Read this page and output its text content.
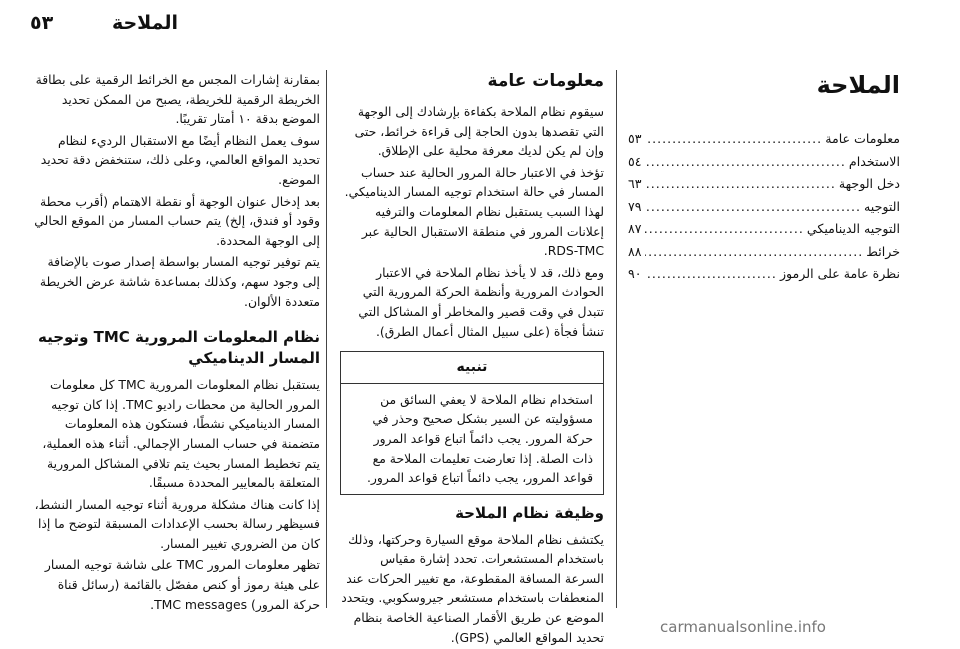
٥٣	الملاحة
الملاحة
معلومات عامة
.....
٥٣
الاستخدام
.....
٥٤
دخل الوجهة
.....
٦٣
التوجيه
.....
٧٩
التوجيه الديناميكي
.....
٨٧
خرائط
.....
٨٨
نظرة عامة على الرموز
.....
٩٠
معلومات عامة

سيقوم نظام الملاحة بكفاءة بإرشادك إلى الوجهة التي تقصدها بدون الحاجة إلى قراءة خرائط، حتى وإن لم يكن لديك معرفة محلية على الإطلاق.

تؤخذ في الاعتبار حالة المرور الحالية عند حساب المسار في حالة استخدام توجيه المسار الديناميكي. لهذا السبب يستقبل نظام المعلومات والترفيه إعلانات المرور في منطقة الاستقبال الحالية عبر RDS-TMC.

ومع ذلك، قد لا يأخذ نظام الملاحة في الاعتبار الحوادث المرورية وأنظمة الحركة المرورية التي تتبدل في وقت قصير والمخاطر أو المشاكل التي تنشأ فجأة (على سبيل المثال أعمال الطرق).

تنبيه
استخدام نظام الملاحة لا يعفي السائق من مسؤوليته عن السير بشكل صحيح وحذر في حركة المرور. يجب دائماً اتباع قواعد المرور ذات الصلة. إذا تعارضت تعليمات الملاحة مع قواعد المرور، يجب دائماً اتباع قواعد المرور.
وظيفة نظام الملاحة

يكتشف نظام الملاحة موقع السيارة وحركتها، وذلك باستخدام المستشعرات. تحدد إشارة مقياس السرعة المسافة المقطوعة، مع تغيير الحركات عند المنعطفات باستخدام مستشعر جيروسكوبي. ويتحدد الموضع عن طريق الأقمار الصناعية الخاصة بنظام تحديد المواقع العالمي (GPS).

بمقارنة إشارات المجس مع الخرائط الرقمية على بطاقة الخريطة الرقمية للخريطة، يصبح من الممكن تحديد الموضع بدقة ١٠ أمتار تقريبًا.

سوف يعمل النظام أيضًا مع الاستقبال الرديء لنظام تحديد المواقع العالمي، وعلى ذلك، ستنخفض دقة تحديد الموضع.

بعد إدخال عنوان الوجهة أو نقطة الاهتمام (أقرب محطة وقود أو فندق، إلخ) يتم حساب المسار من الموقع الحالي إلى الوجهة المحددة.

يتم توفير توجيه المسار بواسطة إصدار صوت بالإضافة إلى وجود سهم، وكذلك بمساعدة شاشة عرض الخريطة متعددة الألوان.

نظام المعلومات المرورية TMC وتوجيه المسار الديناميكي

يستقبل نظام المعلومات المرورية TMC كل معلومات المرور الحالية من محطات راديو TMC. إذا كان توجيه المسار الديناميكي نشطًا، فستكون هذه المعلومات متضمنة في حساب المسار الإجمالي. أثناء هذه العملية، يتم تخطيط المسار بحيث يتم تلافي المشاكل المرورية المتعلقة بالمعايير المحددة مسبقًا.

إذا كانت هناك مشكلة مرورية أثناء توجيه المسار النشط، فسيظهر رسالة بحسب الإعدادات المسبقة لتوضح ما إذا كان من الضروري تغيير المسار.

تظهر معلومات المرور TMC على شاشة توجيه المسار على هيئة رموز أو كنص مفصّل بالقائمة (رسائل قناة حركة المرور) TMC messages.

carmanualsonline.info
